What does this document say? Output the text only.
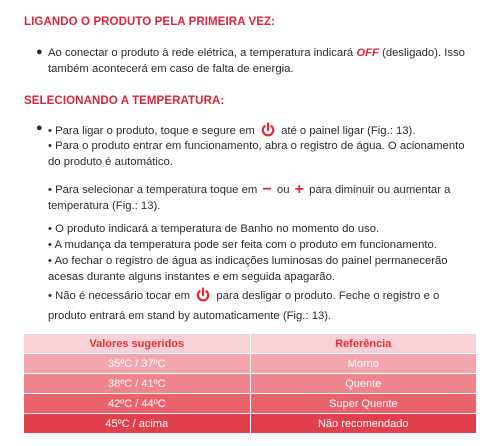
LIGANDO O PRODUTO PELA PRIMEIRA VEZ:
● Ao conectar o produto à rede elétrica, a temperatura indicará OFF (desligado). Isso também acontecerá em caso de falta de energia.

SELECIONANDO A TEMPERATURA:
● • Para ligar o produto, toque e segure em  até o painel ligar (Fig.: 13).

• Para o produto entrar em funcionamento, abra o registro de água. O acionamento do produto é automático.

• Para selecionar a temperatura toque em − ou + para diminuir ou aumentar a temperatura (Fig.: 13).

• O produto indicará a temperatura de Banho no momento do uso.

• A mudança da temperatura pode ser feita com o produto em funcionamento.

• Ao fechar o registro de água as indicações luminosas do painel permanecerão acesas durante alguns instantes e em seguida apagarão.

• Não é necessário tocar em  para desligar o produto. Feche o registro e o produto entrará em stand by automaticamente (Fig.: 13).

Valores sugeridos	Referência
35ºC / 37ºC	Morno
38ºC / 41ºC	Quente
42ºC / 44ºC	Super Quente
45ºC / acima	Não recomendado
